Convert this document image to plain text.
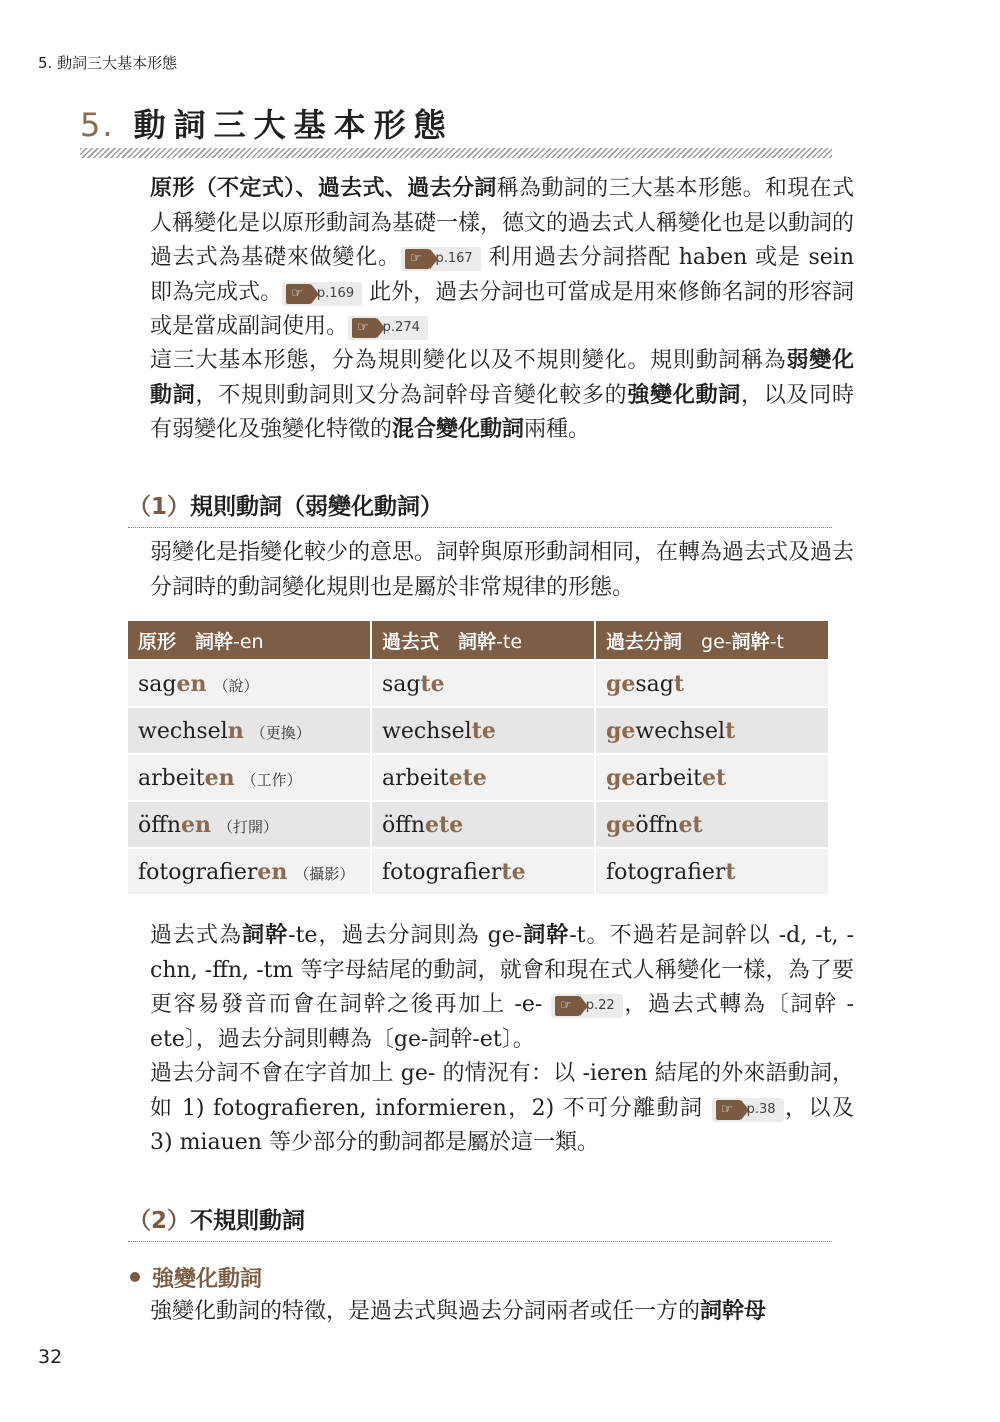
5. 動詞三大基本形態
5. 動詞三大基本形態

原形（不定式）、過去式、過去分詞稱為動詞的三大基本形態。和現在式人稱變化是以原形動詞為基礎一樣，德文的過去式人稱變化也是以動詞的過去式為基礎來做變化。 ☞ p.167 利用過去分詞搭配 haben 或是 sein 即為完成式。 ☞ p.169 此外，過去分詞也可當成是用來修飾名詞的形容詞或是當成副詞使用。 ☞ p.274

這三大基本形態，分為規則變化以及不規則變化。規則動詞稱為弱變化動詞，不規則動詞則又分為詞幹母音變化較多的強變化動詞，以及同時有弱變化及強變化特徵的混合變化動詞兩種。

（1）規則動詞（弱變化動詞）

弱變化是指變化較少的意思。詞幹與原形動詞相同，在轉為過去式及過去分詞時的動詞變化規則也是屬於非常規律的形態。

原形　詞幹-en	過去式　詞幹-te	過去分詞　ge-詞幹-t
sagen （說）	sagte	gesagt
wechseln （更換）	wechselte	gewechselt
arbeiten （工作）	arbeitete	gearbeitet
öffnen （打開）	öffnete	geöffnet
fotografieren （攝影）	fotografierte	fotografiert

過去式為詞幹-te，過去分詞則為 ge-詞幹-t。不過若是詞幹以 -d, -t, -chn, -ffn, -tm 等字母結尾的動詞，就會和現在式人稱變化一樣，為了要更容易發音而會在詞幹之後再加上 -e- ☞ p.22 ，過去式轉為〔詞幹 -ete〕，過去分詞則轉為〔ge-詞幹-et〕。

過去分詞不會在字首加上 ge- 的情況有：以 -ieren 結尾的外來語動詞，如 1) fotografieren, informieren，2) 不可分離動詞 ☞ p.38 ，以及 3) miauen 等少部分的動詞都是屬於這一類。

（2）不規則動詞
強變化動詞

強變化動詞的特徵，是過去式與過去分詞兩者或任一方的詞幹母

32
